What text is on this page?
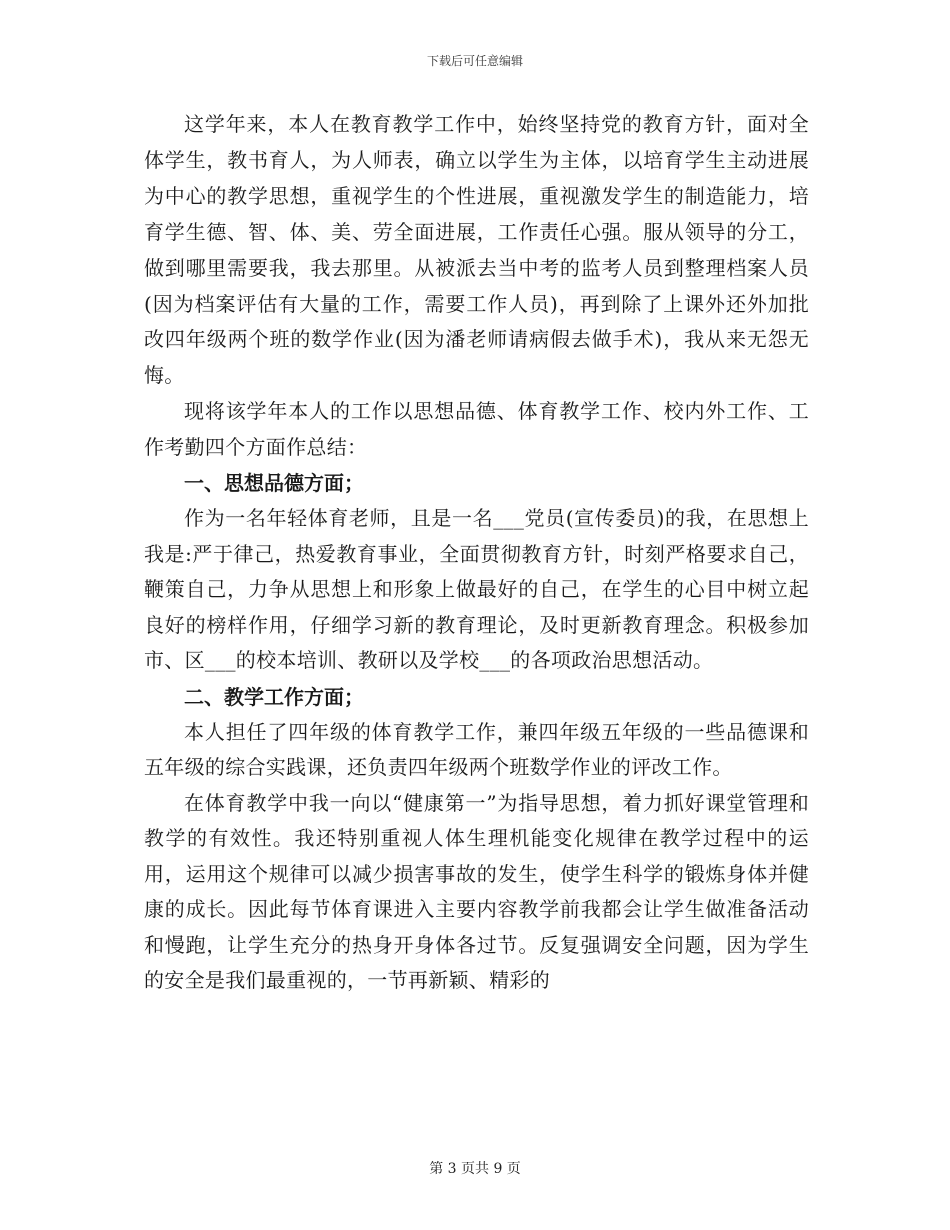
下载后可任意编辑

这学年来，本人在教育教学工作中，始终坚持党的教育方针，面对全体学生，教书育人，为人师表，确立以学生为主体，以培育学生主动进展为中心的教学思想，重视学生的个性进展，重视激发学生的制造能力，培育学生德、智、体、美、劳全面进展，工作责任心强。服从领导的分工，做到哪里需要我，我去那里。从被派去当中考的监考人员到整理档案人员(因为档案评估有大量的工作，需要工作人员)，再到除了上课外还外加批改四年级两个班的数学作业(因为潘老师请病假去做手术)，我从来无怨无悔。

现将该学年本人的工作以思想品德、体育教学工作、校内外工作、工作考勤四个方面作总结：

一、思想品德方面；

作为一名年轻体育老师，且是一名___党员(宣传委员)的我，在思想上我是:严于律己，热爱教育事业，全面贯彻教育方针，时刻严格要求自己，鞭策自己，力争从思想上和形象上做最好的自己，在学生的心目中树立起良好的榜样作用，仔细学习新的教育理论，及时更新教育理念。积极参加市、区___的校本培训、教研以及学校___的各项政治思想活动。

二、教学工作方面；

本人担任了四年级的体育教学工作，兼四年级五年级的一些品德课和五年级的综合实践课，还负责四年级两个班数学作业的评改工作。

在体育教学中我一向以“健康第一”为指导思想，着力抓好课堂管理和教学的有效性。我还特别重视人体生理机能变化规律在教学过程中的运用，运用这个规律可以减少损害事故的发生，使学生科学的锻炼身体并健康的成长。因此每节体育课进入主要内容教学前我都会让学生做准备活动和慢跑，让学生充分的热身开身体各过节。反复强调安全问题，因为学生的安全是我们最重视的，一节再新颖、精彩的

第 3 页共 9 页
